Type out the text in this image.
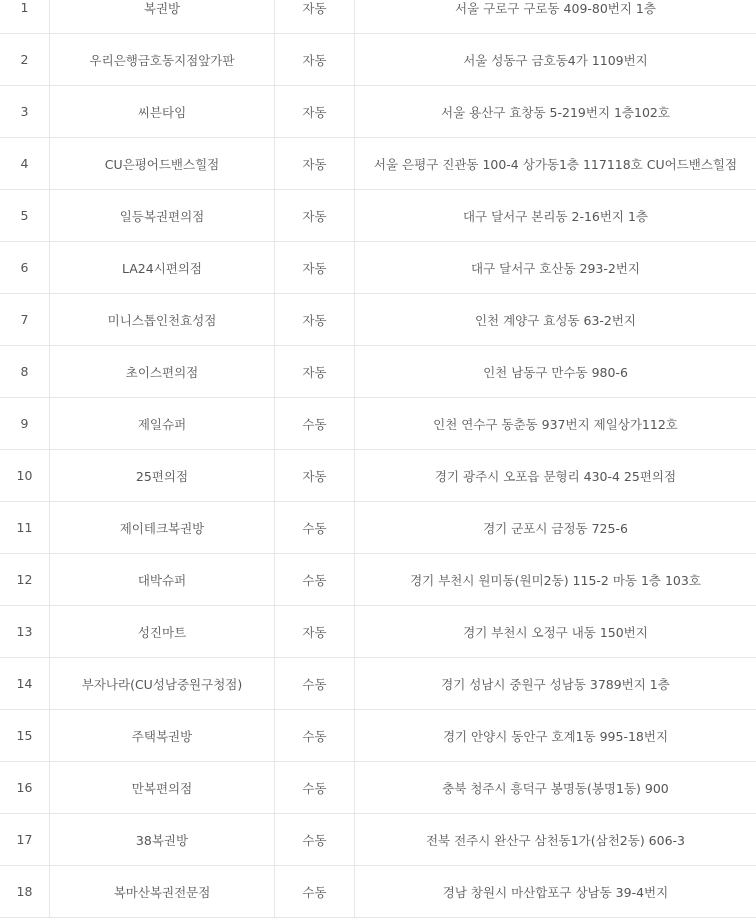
1	복권방	자동	서울 구로구 구로동 409-80번지 1층
2	우리은행금호동지점앞가판	자동	서울 성동구 금호동4가 1109번지
3	씨븐타임	자동	서울 용산구 효창동 5-219번지 1층102호
4	CU은평어드밴스힐점	자동	서울 은평구 진관동 100-4 상가동1층 117118호 CU어드밴스힐점
5	일등복권편의점	자동	대구 달서구 본리동 2-16번지 1층
6	LA24시편의점	자동	대구 달서구 호산동 293-2번지
7	미니스톱인천효성점	자동	인천 계양구 효성동 63-2번지
8	초이스편의점	자동	인천 남동구 만수동 980-6
9	제일슈퍼	수동	인천 연수구 동춘동 937번지 제일상가112호
10	25편의점	자동	경기 광주시 오포읍 문형리 430-4 25편의점
11	제이테크복권방	수동	경기 군포시 금정동 725-6
12	대박슈퍼	수동	경기 부천시 원미동(원미2동) 115-2 마동 1층 103호
13	성진마트	자동	경기 부천시 오정구 내동 150번지
14	부자나라(CU성남중원구청점)	수동	경기 성남시 중원구 성남동 3789번지 1층
15	주택복권방	수동	경기 안양시 동안구 호계1동 995-18번지
16	만복편의점	수동	충북 청주시 흥덕구 봉명동(봉명1동) 900
17	38복권방	수동	전북 전주시 완산구 삼천동1가(삼천2동) 606-3
18	복마산복권전문점	수동	경남 창원시 마산합포구 상남동 39-4번지
